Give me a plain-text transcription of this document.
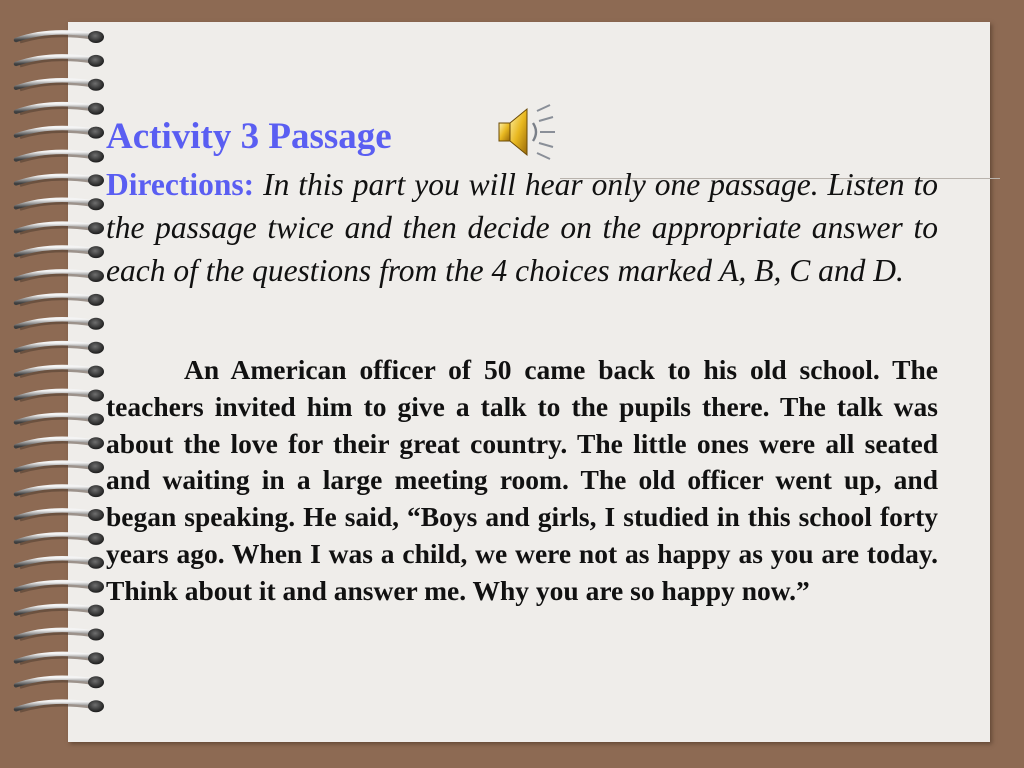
Activity 3 Passage

Directions: In this part you will hear only one passage. Listen to the passage twice and then decide on the appropriate answer to each of the questions from the 4 choices marked A, B, C and D.

An American officer of 50 came back to his old school. The teachers invited him to give a talk to the pupils there. The talk was about the love for their great country. The little ones were all seated and waiting in a large meeting room. The old officer went up, and began speaking. He said, “Boys and girls, I studied in this school forty years ago. When I was a child, we were not as happy as you are today. Think about it and answer me. Why you are so happy now.”
